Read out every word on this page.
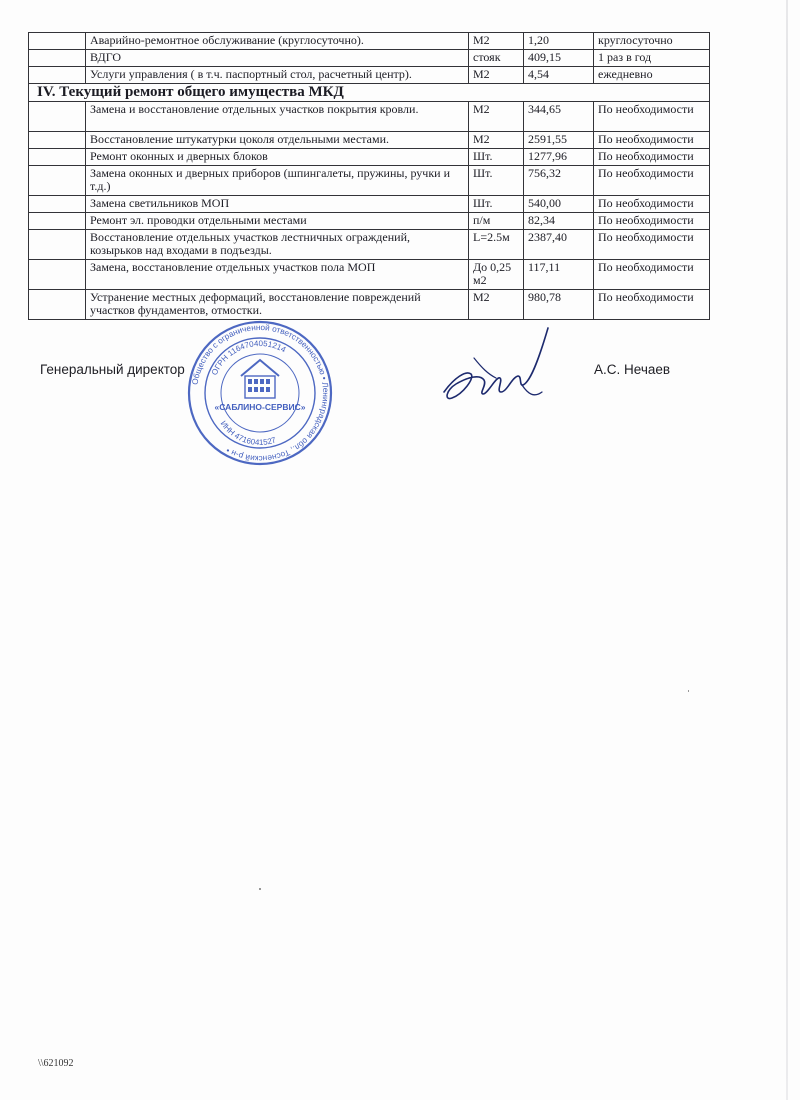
	Аварийно-ремонтное обслуживание (круглосуточно).	М2	1,20	круглосуточно
	ВДГО	стояк	409,15	1 раз в год
	Услуги управления ( в т.ч. паспортный стол, расчетный центр).	М2	4,54	ежедневно
IV. Текущий ремонт общего имущества МКД				
	Замена и восстановление отдельных участков покрытия кровли.	М2	344,65	По необходимости
	Восстановление штукатурки цоколя отдельными местами.	М2	2591,55	По необходимости
	Ремонт оконных и дверных блоков	Шт.	1277,96	По необходимости
	Замена оконных и дверных приборов (шпингалеты, пружины, ручки и т.д.)	Шт.	756,32	По необходимости
	Замена светильников МОП	Шт.	540,00	По необходимости
	Ремонт эл. проводки отдельными местами	п/м	82,34	По необходимости
	Восстановление отдельных участков лестничных ограждений, козырьков над входами в подъезды.	L=2.5м	2387,40	По необходимости
	Замена, восстановление отдельных участков пола МОП	До 0,25 м2	117,11	По необходимости
	Устранение местных деформаций, восстановление повреждений участков фундаментов, отмостки.	М2	980,78	По необходимости
Генеральный директор
Общество с ограниченной ответственностью • Ленинградская обл., Тосненский р-н •
ОГРН 1164704051214
ИНН 4716041527
«САБЛИНО-СЕРВИС»
А.С. Нечаев
\\621092
